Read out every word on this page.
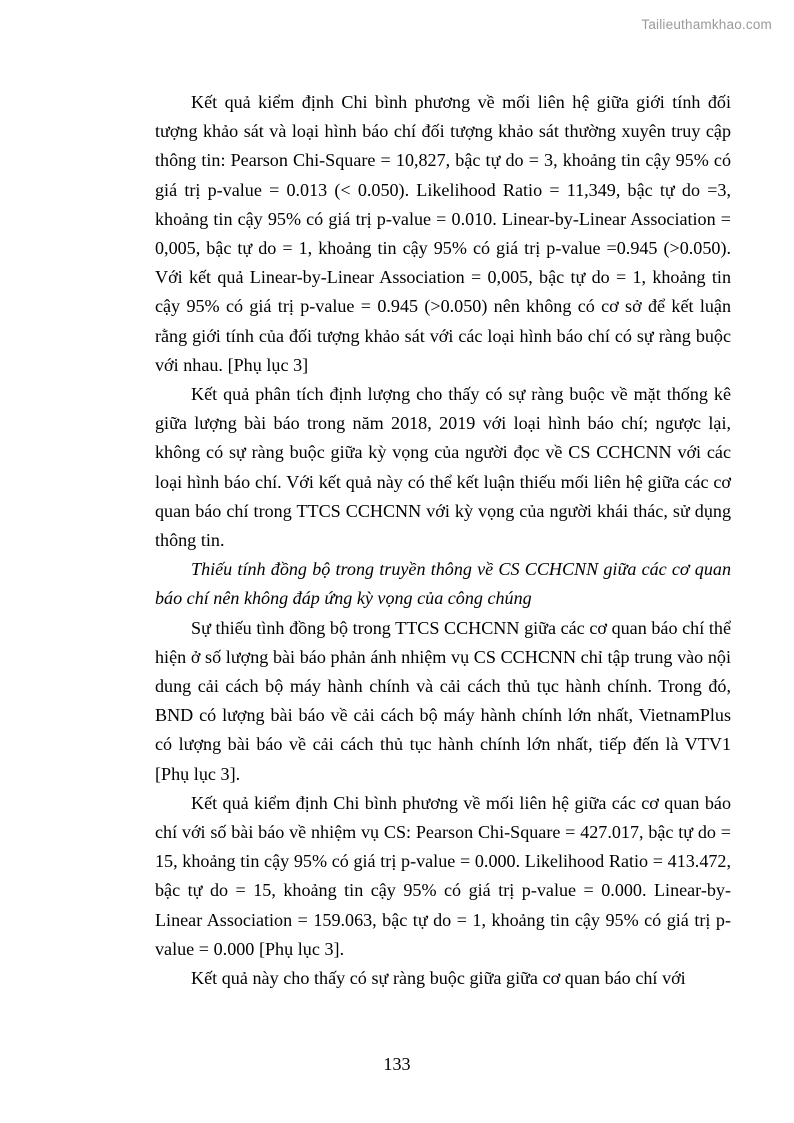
Tailieuthamkhao.com

Kết quả kiểm định Chi bình phương về mối liên hệ giữa giới tính đối tượng khảo sát và loại hình báo chí đối tượng khảo sát thường xuyên truy cập thông tin: Pearson Chi-Square = 10,827, bậc tự do = 3, khoảng tin cậy 95% có giá trị p-value = 0.013 (< 0.050). Likelihood Ratio = 11,349, bậc tự do =3, khoảng tin cậy 95% có giá trị p-value = 0.010. Linear-by-Linear Association = 0,005, bậc tự do = 1, khoảng tin cậy 95% có giá trị p-value =0.945 (>0.050). Với kết quả Linear-by-Linear Association = 0,005, bậc tự do = 1, khoảng tin cậy 95% có giá trị p-value = 0.945 (>0.050) nên không có cơ sở để kết luận rằng giới tính của đối tượng khảo sát với các loại hình báo chí có sự ràng buộc với nhau. [Phụ lục 3]

Kết quả phân tích định lượng cho thấy có sự ràng buộc về mặt thống kê giữa lượng bài báo trong năm 2018, 2019 với loại hình báo chí; ngược lại, không có sự ràng buộc giữa kỳ vọng của người đọc về CS CCHCNN với các loại hình báo chí. Với kết quả này có thể kết luận thiếu mối liên hệ giữa các cơ quan báo chí trong TTCS CCHCNN với kỳ vọng của người khái thác, sử dụng thông tin.

Thiếu tính đồng bộ trong truyền thông về CS CCHCNN giữa các cơ quan báo chí nên không đáp ứng kỳ vọng của công chúng

Sự thiếu tình đồng bộ trong TTCS CCHCNN giữa các cơ quan báo chí thể hiện ở số lượng bài báo phản ánh nhiệm vụ CS CCHCNN chỉ tập trung vào nội dung cải cách bộ máy hành chính và cải cách thủ tục hành chính. Trong đó, BND có lượng bài báo về cải cách bộ máy hành chính lớn nhất, VietnamPlus có lượng bài báo về cải cách thủ tục hành chính lớn nhất, tiếp đến là VTV1 [Phụ lục 3].

Kết quả kiểm định Chi bình phương về mối liên hệ giữa các cơ quan báo chí với số bài báo về nhiệm vụ CS: Pearson Chi-Square = 427.017, bậc tự do = 15, khoảng tin cậy 95% có giá trị p-value = 0.000. Likelihood Ratio = 413.472, bậc tự do = 15, khoảng tin cậy 95% có giá trị p-value = 0.000. Linear-by-Linear Association = 159.063, bậc tự do = 1, khoảng tin cậy 95% có giá trị p-value = 0.000 [Phụ lục 3].

Kết quả này cho thấy có sự ràng buộc giữa giữa cơ quan báo chí với

133
